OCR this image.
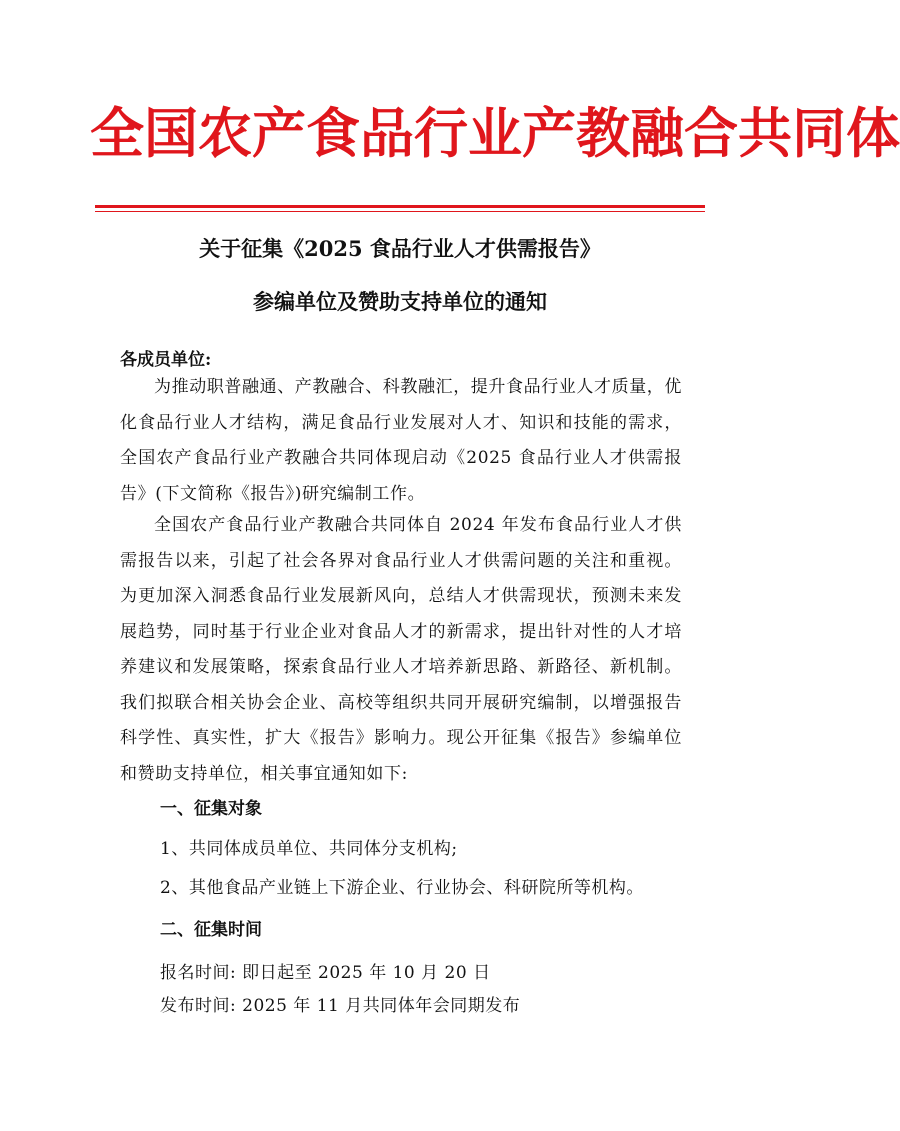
全国农产食品行业产教融合共同体
关于征集《2025 食品行业人才供需报告》
参编单位及赞助支持单位的通知
各成员单位:
为推动职普融通、产教融合、科教融汇，提升食品行业人才质量，优化食品行业人才结构，满足食品行业发展对人才、知识和技能的需求，全国农产食品行业产教融合共同体现启动《2025 食品行业人才供需报告》(下文简称《报告》)研究编制工作。
全国农产食品行业产教融合共同体自 2024 年发布食品行业人才供需报告以来，引起了社会各界对食品行业人才供需问题的关注和重视。为更加深入洞悉食品行业发展新风向，总结人才供需现状，预测未来发展趋势，同时基于行业企业对食品人才的新需求，提出针对性的人才培养建议和发展策略，探索食品行业人才培养新思路、新路径、新机制。我们拟联合相关协会企业、高校等组织共同开展研究编制，以增强报告科学性、真实性，扩大《报告》影响力。现公开征集《报告》参编单位和赞助支持单位，相关事宜通知如下:
一、征集对象
1、共同体成员单位、共同体分支机构;
2、其他食品产业链上下游企业、行业协会、科研院所等机构。
二、征集时间
报名时间: 即日起至 2025 年 10 月 20 日
发布时间: 2025 年 11 月共同体年会同期发布
